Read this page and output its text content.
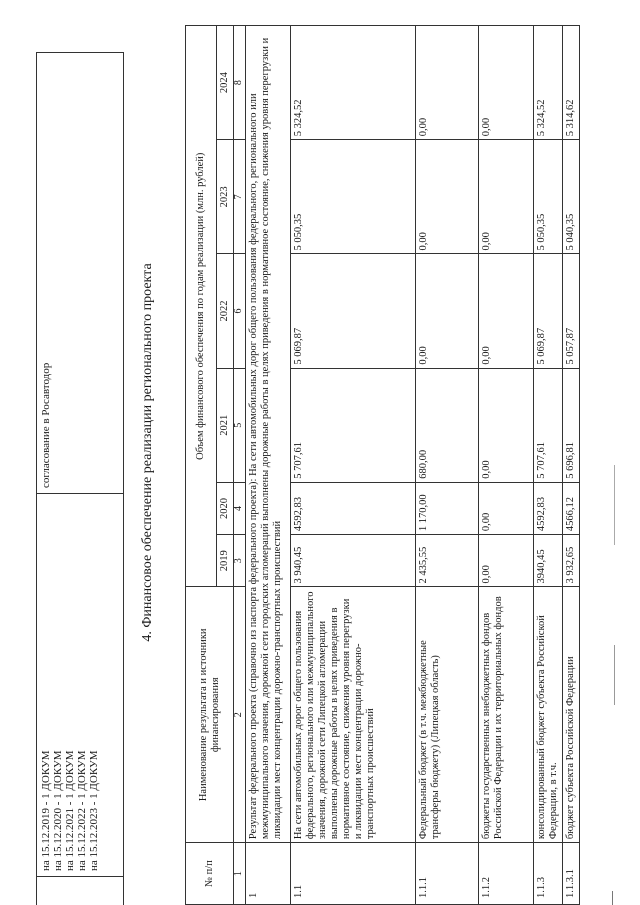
на 15.12.2019 - 1 ДОКУМ на 15.12.2020 - 1 ДОКУМ на 15.12.2021 - 1 ДОКУМ на 15.12.2022 - 1 ДОКУМ на 15.12.2023 - 1 ДОКУМ
	согласование в Росавтодор	4. Финансовое обеспечение реализации регионального проекта
№ п/п	Наименование результата и источники финансирования	Объем финансового обеспечения по годам реализации (млн. рублей)					
		2019	2020	2021	2022	2023	2024
1	2	3	4	5	6	7	8
1	Результат федерального проекта (справочно из паспорта федерального проекта): На сети автомобильных дорог общего пользования федерального, регионального или межмуниципального значения, дорожной сети городских агломераций выполнены дорожные работы в целях приведения в нормативное состояние, снижения уровня перегрузки и ликвидации мест концентрации дорожно-транспортных происшествий						
1.1	На сети автомобильных дорог общего пользования федерального, регионального или межмуниципального значения, дорожной сети Липецкой агломерации выполнены дорожные работы в целях приведения в нормативное состояние, снижения уровня перегрузки и ликвидации мест концентрации дорожно-транспортных происшествий	3 940,45	4592,83	5 707,61	5 069,87	5 050,35	5 324,52
1.1.1	Федеральный бюджет (в т.ч. межбюджетные трансферы бюджету) (Липецкая область)	2 435,55	1 170,00	680,00	0,00	0,00	0,00
1.1.2	бюджеты государственных внебюджетных фондов Российской Федерации и их территориальных фондов	0,00	0,00	0,00	0,00	0,00	0,00
1.1.3	консолидированный бюджет субъекта Российской Федерации, в т.ч.	3940,45	4592,83	5 707,61	5 069,87	5 050,35	5 324,52
1.1.3.1	бюджет субъекта Российской Федерации	3 932,65	4566,12	5 696,81	5 057,87	5 040,35	5 314,62
